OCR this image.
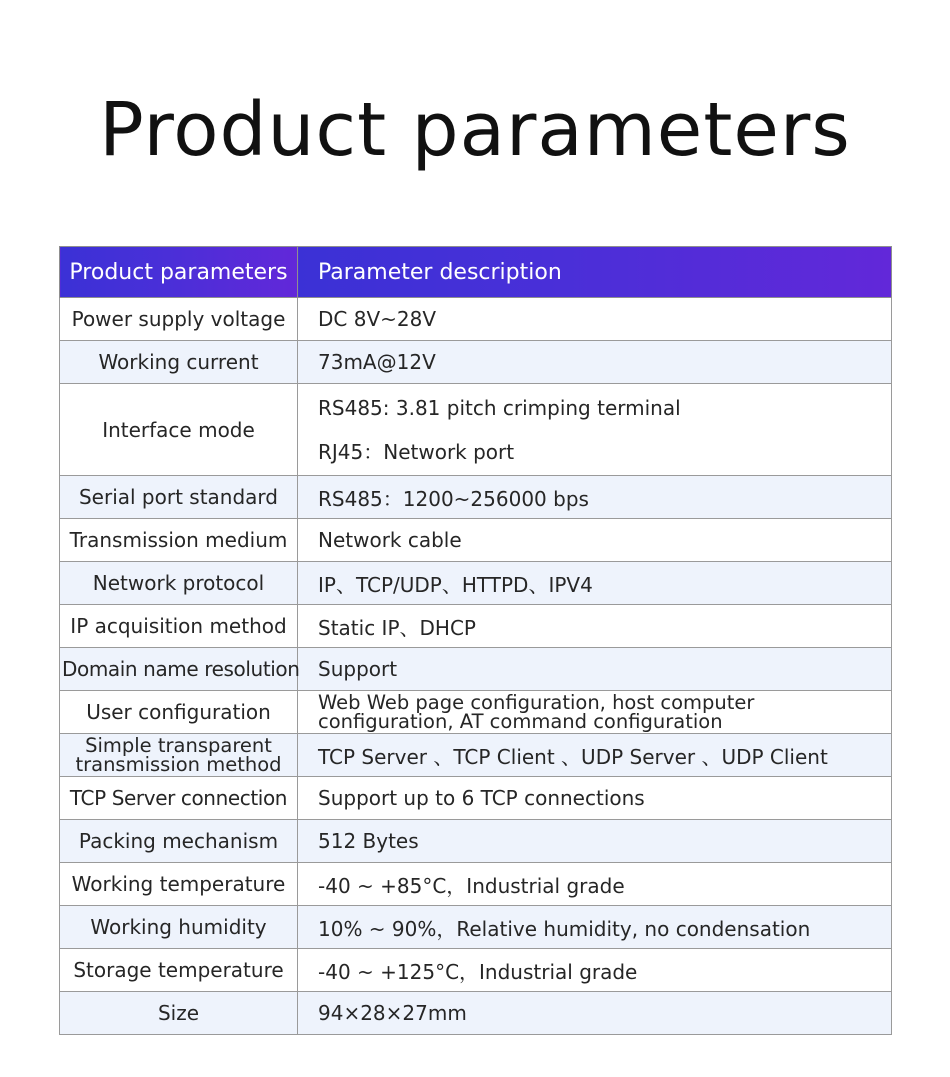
Product parameters
Product parameters	Parameter description
Power supply voltage	DC 8V~28V
Working current	73mA@12V
Interface mode	RS485: 3.81 pitch crimping terminal
RJ45：Network port

Serial port standard	RS485：1200~256000 bps
Transmission medium	Network cable
Network protocol	IP、TCP/UDP、HTTPD、IPV4
IP acquisition method	Static IP、DHCP
Domain name resolution	Support
User configuration	Web Web page configuration, host computer
configuration, AT command configuration

Simple transparent
transmission method	TCP Server 、TCP Client 、UDP Server 、UDP Client
TCP Server connection	Support up to 6 TCP connections
Packing mechanism	512 Bytes
Working temperature	-40 ~ +85°C，Industrial grade
Working humidity	10% ~ 90%，Relative humidity, no condensation
Storage temperature	-40 ~ +125°C，Industrial grade
Size	94×28×27mm
